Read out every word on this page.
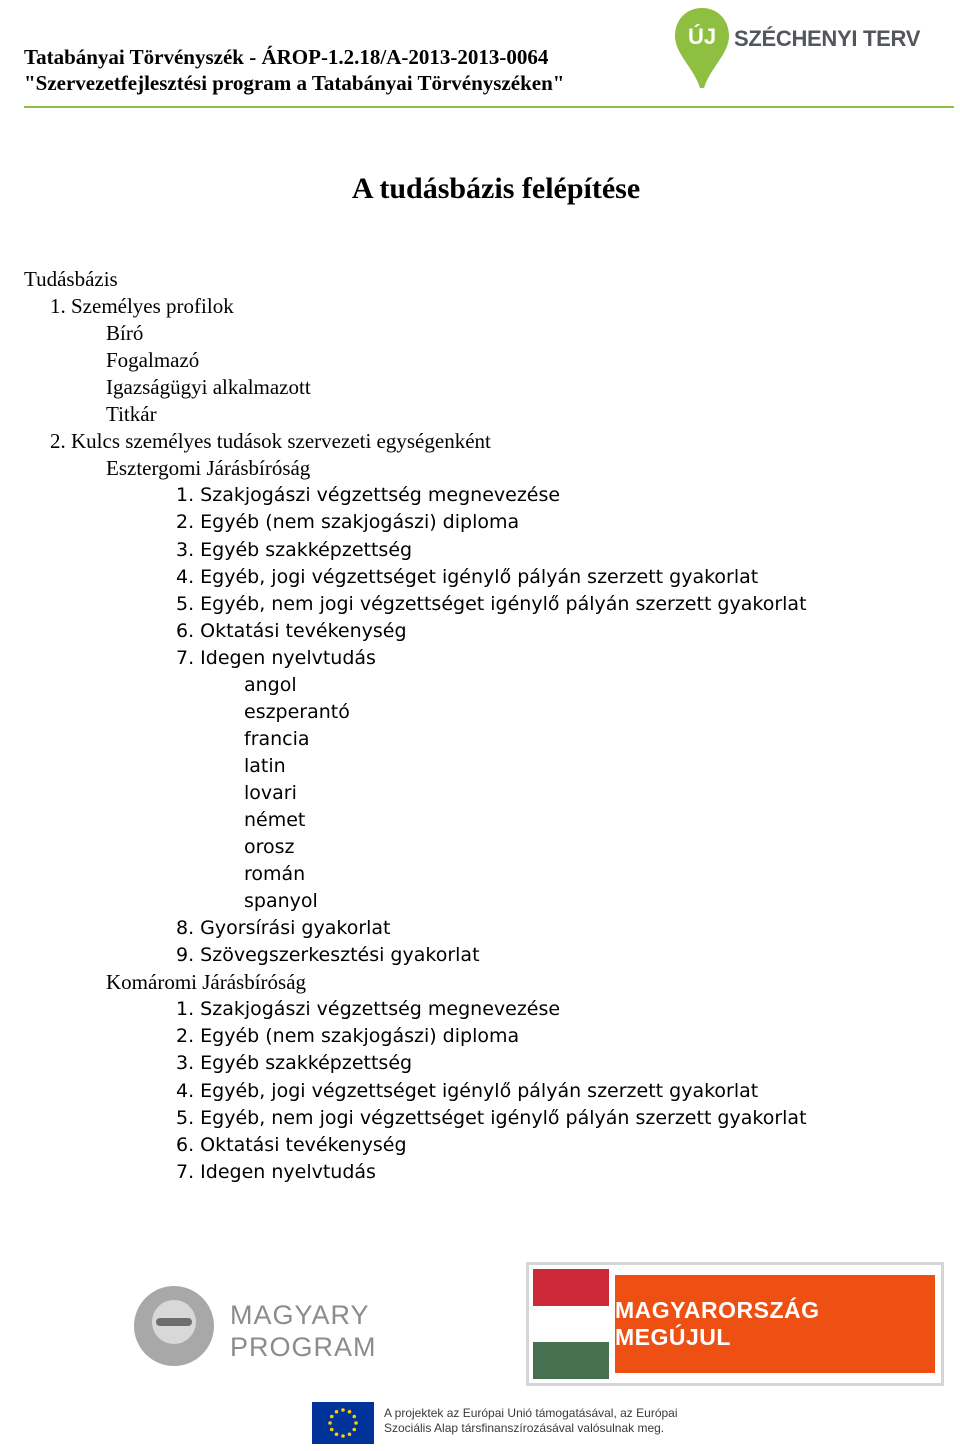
Tatabányai Törvényszék - ÁROP-1.2.18/A-2013-2013-0064
"Szervezetfejlesztési program a Tatabányai Törvényszéken"
ÚJ SZÉCHENYI TERV
A tudásbázis felépítése
Tudásbázis
1. Személyes profilok
Bíró
Fogalmazó
Igazságügyi alkalmazott
Titkár
2. Kulcs személyes tudások szervezeti egységenként
Esztergomi Járásbíróság
1. Szakjogászi végzettség megnevezése
2. Egyéb (nem szakjogászi) diploma
3. Egyéb szakképzettség
4. Egyéb, jogi végzettséget igénylő pályán szerzett gyakorlat
5. Egyéb, nem jogi végzettséget igénylő pályán szerzett gyakorlat
6. Oktatási tevékenység
7. Idegen nyelvtudás
angol
eszperantó
francia
latin
lovari
német
orosz
román
spanyol
8. Gyorsírási gyakorlat
9. Szövegszerkesztési gyakorlat
Komáromi Járásbíróság
1. Szakjogászi végzettség megnevezése
2. Egyéb (nem szakjogászi) diploma
3. Egyéb szakképzettség
4. Egyéb, jogi végzettséget igénylő pályán szerzett gyakorlat
5. Egyéb, nem jogi végzettséget igénylő pályán szerzett gyakorlat
6. Oktatási tevékenység
7. Idegen nyelvtudás
MAGYARY
PROGRAM
MAGYARORSZÁG MEGÚJUL
A projektek az Európai Unió támogatásával, az Európai
Szociális Alap társfinanszírozásával valósulnak meg.
